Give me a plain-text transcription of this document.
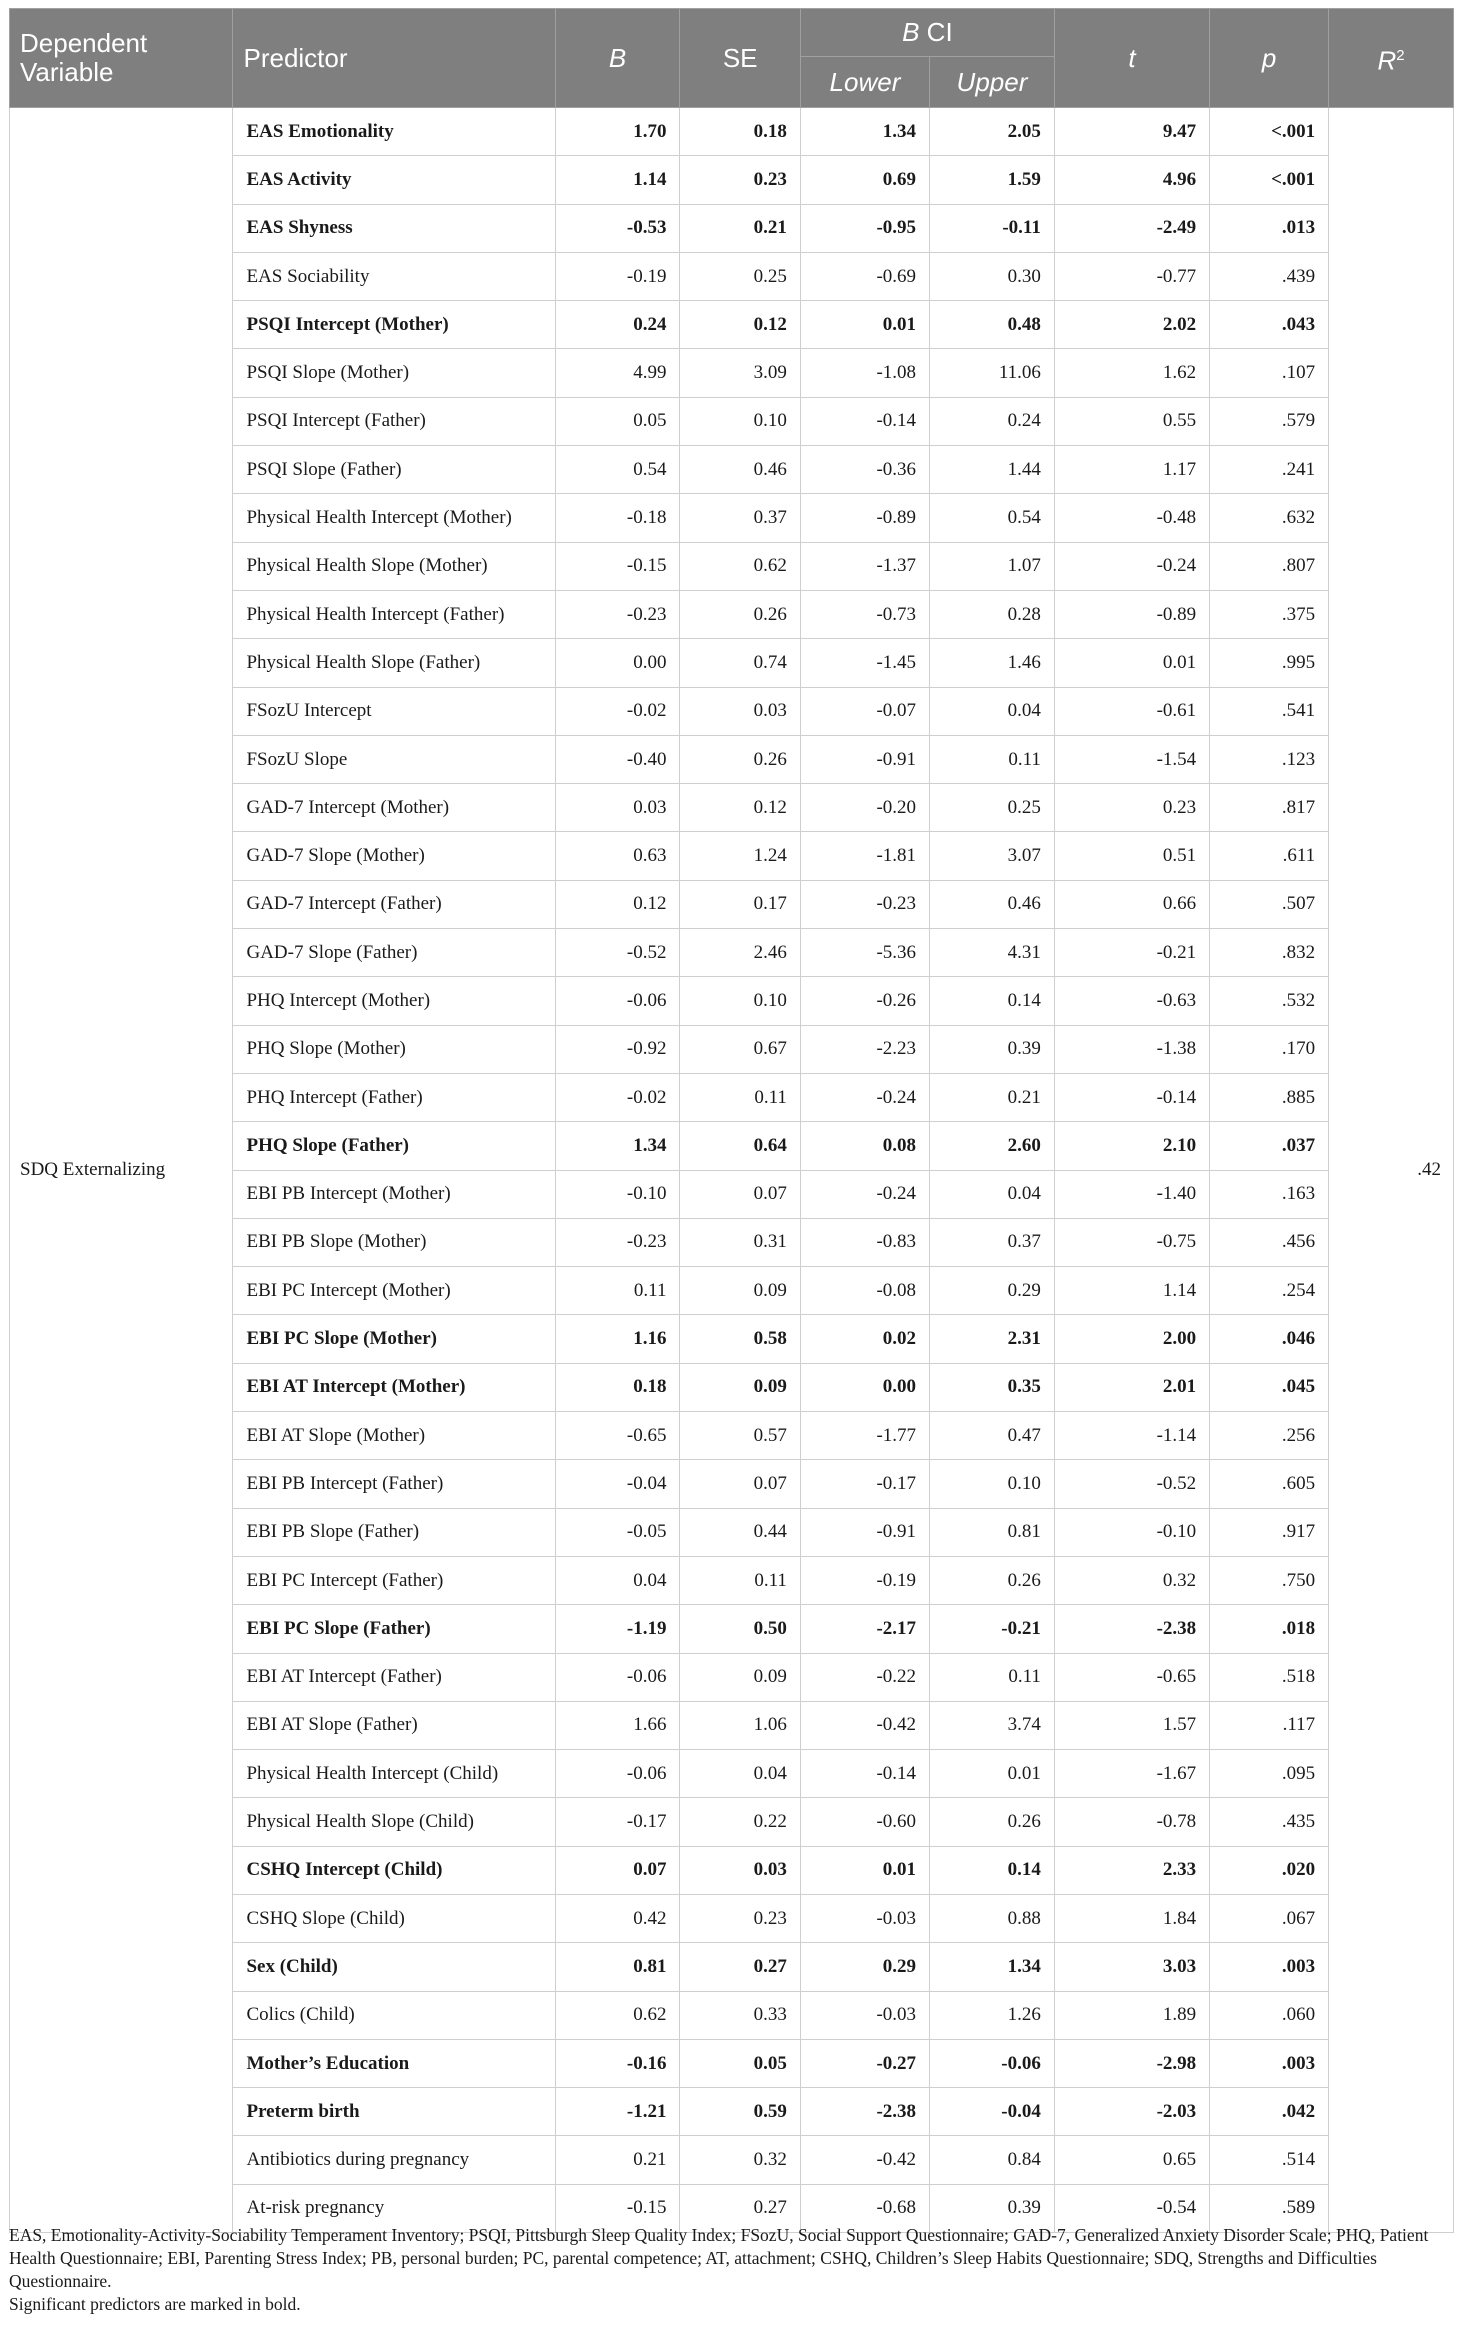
Dependent Variable	Predictor	B	SE	B CI		t	p	$R^2$
				Lower	Upper			
SDQ Externalizing	EAS Emotionality	1.70	0.18	1.34	2.05	9.47	<.001	.42
	EAS Activity	1.14	0.23	0.69	1.59	4.96	<.001	
	EAS Shyness	-0.53	0.21	-0.95	-0.11	-2.49	.013	
	EAS Sociability	-0.19	0.25	-0.69	0.30	-0.77	.439	
	PSQI Intercept (Mother)	0.24	0.12	0.01	0.48	2.02	.043	
	PSQI Slope (Mother)	4.99	3.09	-1.08	11.06	1.62	.107	
	PSQI Intercept (Father)	0.05	0.10	-0.14	0.24	0.55	.579	
	PSQI Slope (Father)	0.54	0.46	-0.36	1.44	1.17	.241	
	Physical Health Intercept (Mother)	-0.18	0.37	-0.89	0.54	-0.48	.632	
	Physical Health Slope (Mother)	-0.15	0.62	-1.37	1.07	-0.24	.807	
	Physical Health Intercept (Father)	-0.23	0.26	-0.73	0.28	-0.89	.375	
	Physical Health Slope (Father)	0.00	0.74	-1.45	1.46	0.01	.995	
	FSozU Intercept	-0.02	0.03	-0.07	0.04	-0.61	.541	
	FSozU Slope	-0.40	0.26	-0.91	0.11	-1.54	.123	
	GAD-7 Intercept (Mother)	0.03	0.12	-0.20	0.25	0.23	.817	
	GAD-7 Slope (Mother)	0.63	1.24	-1.81	3.07	0.51	.611	
	GAD-7 Intercept (Father)	0.12	0.17	-0.23	0.46	0.66	.507	
	GAD-7 Slope (Father)	-0.52	2.46	-5.36	4.31	-0.21	.832	
	PHQ Intercept (Mother)	-0.06	0.10	-0.26	0.14	-0.63	.532	
	PHQ Slope (Mother)	-0.92	0.67	-2.23	0.39	-1.38	.170	
	PHQ Intercept (Father)	-0.02	0.11	-0.24	0.21	-0.14	.885	
	PHQ Slope (Father)	1.34	0.64	0.08	2.60	2.10	.037	
	EBI PB Intercept (Mother)	-0.10	0.07	-0.24	0.04	-1.40	.163	
	EBI PB Slope (Mother)	-0.23	0.31	-0.83	0.37	-0.75	.456	
	EBI PC Intercept (Mother)	0.11	0.09	-0.08	0.29	1.14	.254	
	EBI PC Slope (Mother)	1.16	0.58	0.02	2.31	2.00	.046	
	EBI AT Intercept (Mother)	0.18	0.09	0.00	0.35	2.01	.045	
	EBI AT Slope (Mother)	-0.65	0.57	-1.77	0.47	-1.14	.256	
	EBI PB Intercept (Father)	-0.04	0.07	-0.17	0.10	-0.52	.605	
	EBI PB Slope (Father)	-0.05	0.44	-0.91	0.81	-0.10	.917	
	EBI PC Intercept (Father)	0.04	0.11	-0.19	0.26	0.32	.750	
	EBI PC Slope (Father)	-1.19	0.50	-2.17	-0.21	-2.38	.018	
	EBI AT Intercept (Father)	-0.06	0.09	-0.22	0.11	-0.65	.518	
	EBI AT Slope (Father)	1.66	1.06	-0.42	3.74	1.57	.117	
	Physical Health Intercept (Child)	-0.06	0.04	-0.14	0.01	-1.67	.095	
	Physical Health Slope (Child)	-0.17	0.22	-0.60	0.26	-0.78	.435	
	CSHQ Intercept (Child)	0.07	0.03	0.01	0.14	2.33	.020	
	CSHQ Slope (Child)	0.42	0.23	-0.03	0.88	1.84	.067	
	Sex (Child)	0.81	0.27	0.29	1.34	3.03	.003	
	Colics (Child)	0.62	0.33	-0.03	1.26	1.89	.060	
	Mother’s Education	-0.16	0.05	-0.27	-0.06	-2.98	.003	
	Preterm birth	-1.21	0.59	-2.38	-0.04	-2.03	.042	
	Antibiotics during pregnancy	0.21	0.32	-0.42	0.84	0.65	.514	
	At-risk pregnancy	-0.15	0.27	-0.68	0.39	-0.54	.589	

EAS, Emotionality-Activity-Sociability Temperament Inventory; PSQI, Pittsburgh Sleep Quality Index; FSozU, Social Support Questionnaire; GAD-7, Generalized Anxiety Disorder Scale; PHQ, Patient Health Questionnaire; EBI, Parenting Stress Index; PB, personal burden; PC, parental competence; AT, attachment; CSHQ, Children’s Sleep Habits Questionnaire; SDQ, Strengths and Difficulties Questionnaire.

Significant predictors are marked in bold.
